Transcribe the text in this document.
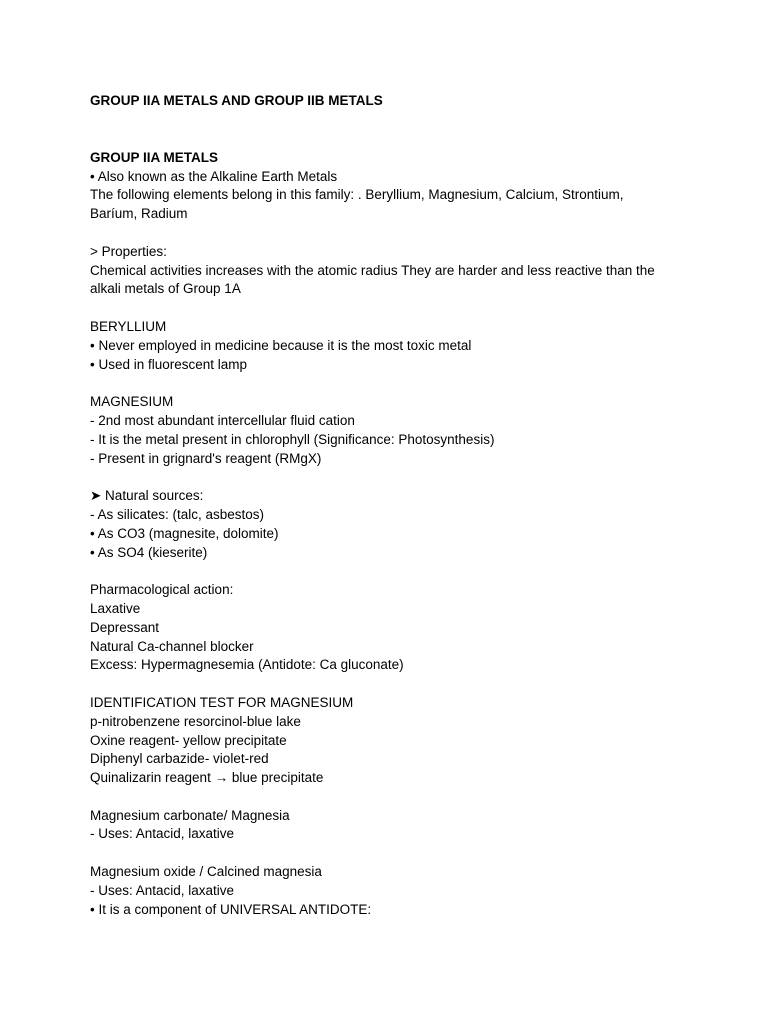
GROUP IIA METALS AND GROUP IIB METALS
GROUP IIA METALS
• Also known as the Alkaline Earth Metals
The following elements belong in this family: . Beryllium, Magnesium, Calcium, Strontium,
Baríum, Radium
> Properties:
Chemical activities increases with the atomic radius They are harder and less reactive than the
alkali metals of Group 1A
BERYLLIUM
• Never employed in medicine because it is the most toxic metal
• Used in fluorescent lamp
MAGNESIUM
- 2nd most abundant intercellular fluid cation
- It is the metal present in chlorophyll (Significance: Photosynthesis)
- Present in grignard's reagent (RMgX)
➤ Natural sources:
- As silicates: (talc, asbestos)
• As CO3 (magnesite, dolomite)
• As SO4 (kieserite)
Pharmacological action:
Laxative
Depressant
Natural Ca-channel blocker
Excess: Hypermagnesemia (Antidote: Ca gluconate)
IDENTIFICATION TEST FOR MAGNESIUM
p-nitrobenzene resorcinol-blue lake
Oxine reagent- yellow precipitate
Diphenyl carbazide- violet-red
Quinalizarin reagent → blue precipitate
Magnesium carbonate/ Magnesia
- Uses: Antacid, laxative
Magnesium oxide / Calcined magnesia
- Uses: Antacid, laxative
• It is a component of UNIVERSAL ANTIDOTE:
